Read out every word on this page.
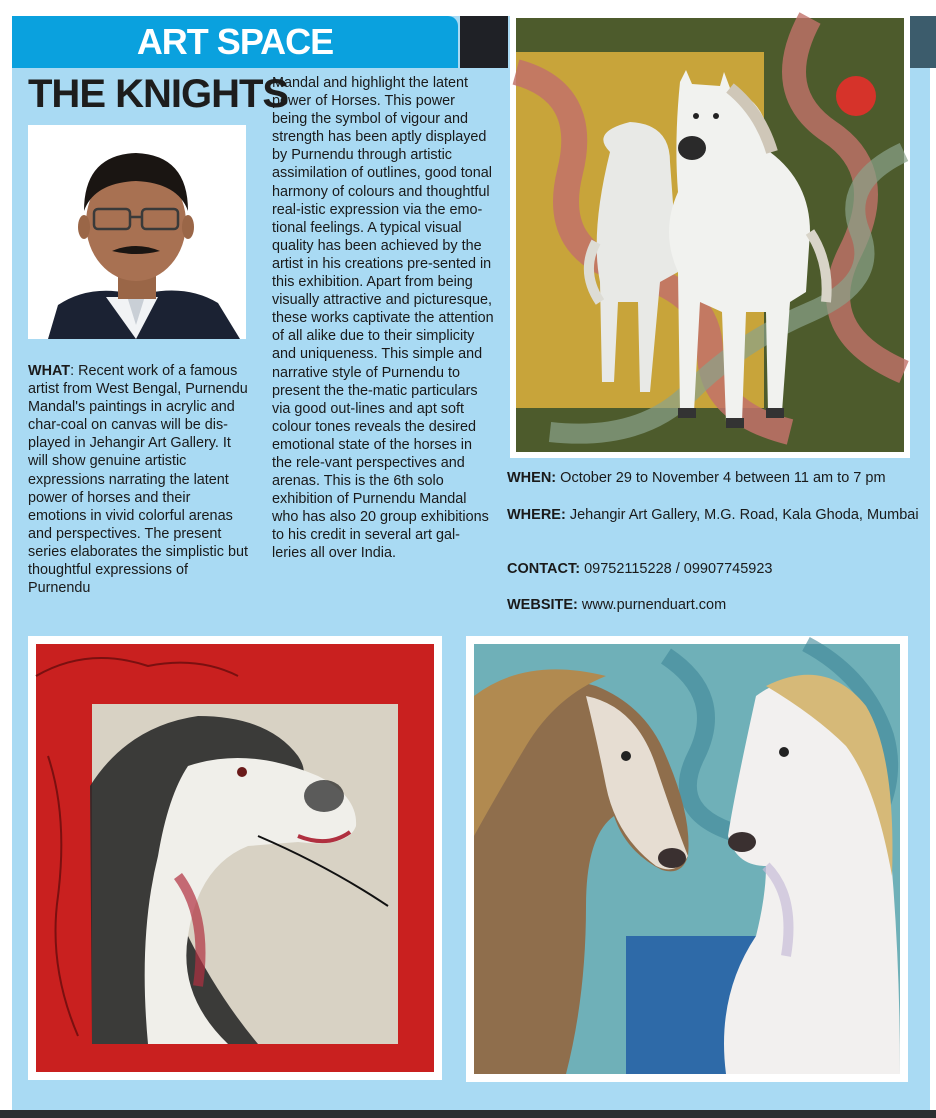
ART SPACE
THE KNIGHTS
WHAT: Recent work of a famous artist from West Bengal, Purnendu Mandal's paintings in acrylic and char-coal on canvas will be dis-played in Jehangir Art Gallery. It will show genuine artistic expressions narrating the latent power of horses and their emotions in vivid colorful arenas and perspectives. The present series elaborates the simplistic but thoughtful expressions of Purnendu
Mandal and highlight the latent power of Horses. This power being the symbol of vigour and strength has been aptly displayed by Purnendu through artistic assimilation of outlines, good tonal harmony of colours and thoughtful real-istic expression via the emo-tional feelings. A typical visual quality has been achieved by the artist in his creations pre-sented in this exhibition. Apart from being visually attractive and picturesque, these works captivate the attention of all alike due to their simplicity and uniqueness. This simple and narrative style of Purnendu to present the the-matic particulars via good out-lines and apt soft colour tones reveals the desired emotional state of the horses in the rele-vant perspectives and arenas. This is the 6th solo exhibition of Purnendu Mandal who has also 20 group exhibitions to his credit in several art gal-leries all over India.
WHEN: October 29 to November 4 between 11 am to 7 pm
WHERE: Jehangir Art Gallery, M.G. Road, Kala Ghoda, Mumbai
CONTACT: 09752115228 / 09907745923
WEBSITE: www.purnenduart.com
